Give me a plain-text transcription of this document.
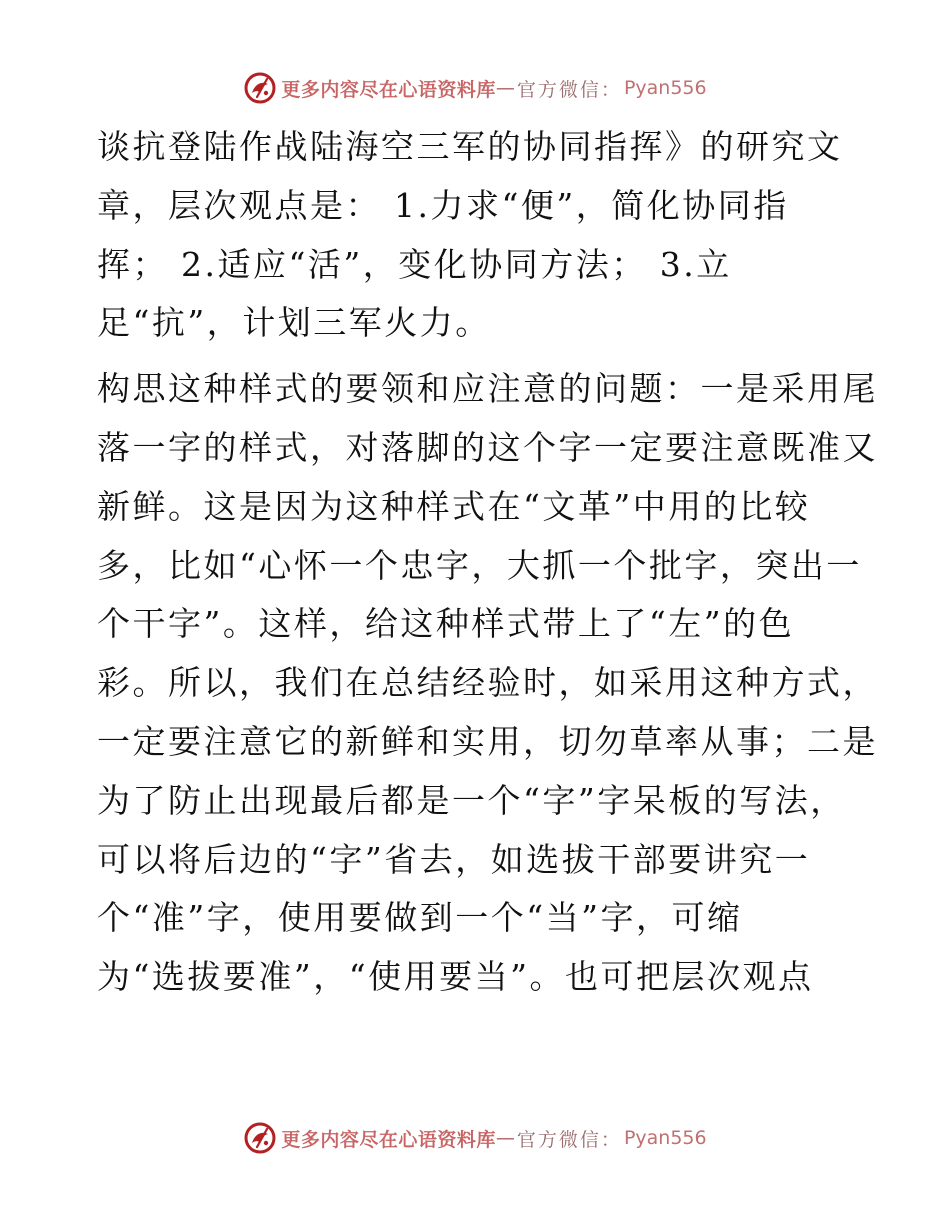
更多内容尽在心语资料库 — 官方微信： Pyan556
谈抗登陆作战陆海空三军的协同指挥》的研究文
章，层次观点是： 1.力求“便”，简化协同指
挥； 2.适应“活”，变化协同方法； 3.立
足“抗”，计划三军火力。
构思这种样式的要领和应注意的问题：一是采用尾
落一字的样式，对落脚的这个字一定要注意既准又
新鲜。这是因为这种样式在“文革”中用的比较
多，比如“心怀一个忠字，大抓一个批字，突出一
个干字”。这样，给这种样式带上了“左”的色
彩。所以，我们在总结经验时，如采用这种方式，
一定要注意它的新鲜和实用，切勿草率从事；二是
为了防止出现最后都是一个“字”字呆板的写法，
可以将后边的“字”省去，如选拔干部要讲究一
个“准”字，使用要做到一个“当”字，可缩
为“选拔要准”，“使用要当”。也可把层次观点
更多内容尽在心语资料库 — 官方微信： Pyan556
